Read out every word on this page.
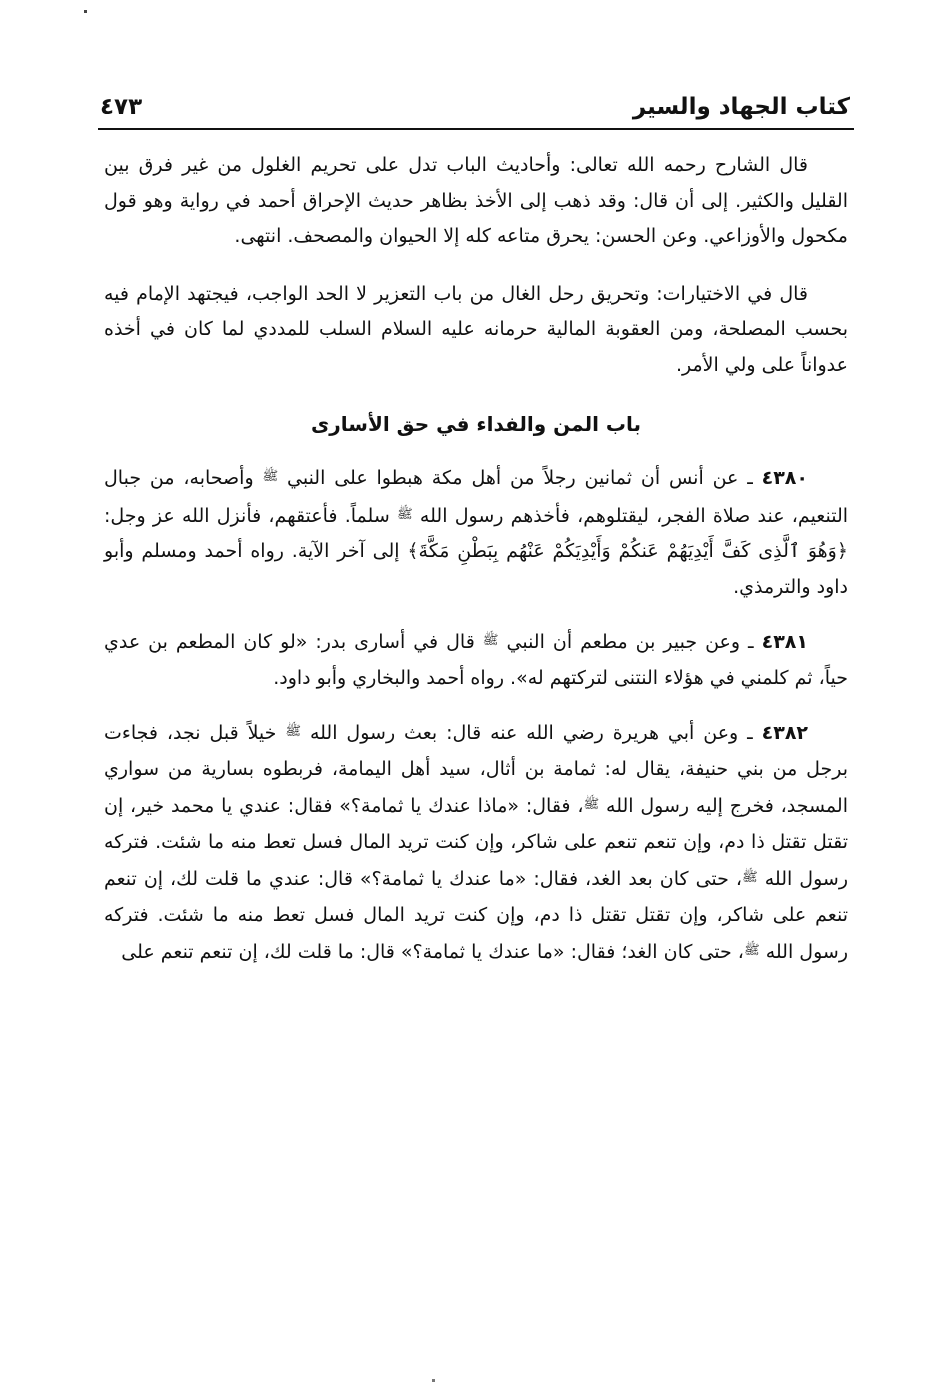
كتاب الجهاد والسير
٤٧٣

قال الشارح رحمه الله تعالى: وأحاديث الباب تدل على تحريم الغلول من غير فرق بين القليل والكثير. إلى أن قال: وقد ذهب إلى الأخذ بظاهر حديث الإحراق أحمد في رواية وهو قول مكحول والأوزاعي. وعن الحسن: يحرق متاعه كله إلا الحيوان والمصحف. انتهى.

قال في الاختيارات: وتحريق رحل الغال من باب التعزير لا الحد الواجب، فيجتهد الإمام فيه بحسب المصلحة، ومن العقوبة المالية حرمانه عليه السلام السلب للمددي لما كان في أخذه عدواناً على ولي الأمر.

باب المن والفداء في حق الأسارى

٤٣٨٠ ـ عن أنس أن ثمانين رجلاً من أهل مكة هبطوا على النبي $^ﷺ$ وأصحابه، من جبال التنعيم، عند صلاة الفجر، ليقتلوهم، فأخذهم رسول الله $^ﷺ$ سلماً. فأعتقهم، فأنزل الله عز وجل: ﴿وَهُوَ ٱلَّذِى كَفَّ أَيْدِيَهُمْ عَنكُمْ وَأَيْدِيَكُمْ عَنْهُم بِبَطْنِ مَكَّةَ﴾ إلى آخر الآية. رواه أحمد ومسلم وأبو داود والترمذي.

٤٣٨١ ـ وعن جبير بن مطعم أن النبي $^ﷺ$ قال في أسارى بدر: «لو كان المطعم بن عدي حياً، ثم كلمني في هؤلاء النتنى لتركتهم له». رواه أحمد والبخاري وأبو داود.

٤٣٨٢ ـ وعن أبي هريرة رضي الله عنه قال: بعث رسول الله $^ﷺ$ خيلاً قبل نجد، فجاءت برجل من بني حنيفة، يقال له: ثمامة بن أثال، سيد أهل اليمامة، فربطوه بسارية من سواري المسجد، فخرج إليه رسول الله $^ﷺ$، فقال: «ماذا عندك يا ثمامة؟» فقال: عندي يا محمد خير، إن تقتل تقتل ذا دم، وإن تنعم تنعم على شاكر، وإن كنت تريد المال فسل تعط منه ما شئت. فتركه رسول الله $^ﷺ$، حتى كان بعد الغد، فقال: «ما عندك يا ثمامة؟» قال: عندي ما قلت لك، إن تنعم تنعم على شاكر، وإن تقتل تقتل ذا دم، وإن كنت تريد المال فسل تعط منه ما شئت. فتركه رسول الله $^ﷺ$، حتى كان الغد؛ فقال: «ما عندك يا ثمامة؟» قال: ما قلت لك، إن تنعم تنعم على
